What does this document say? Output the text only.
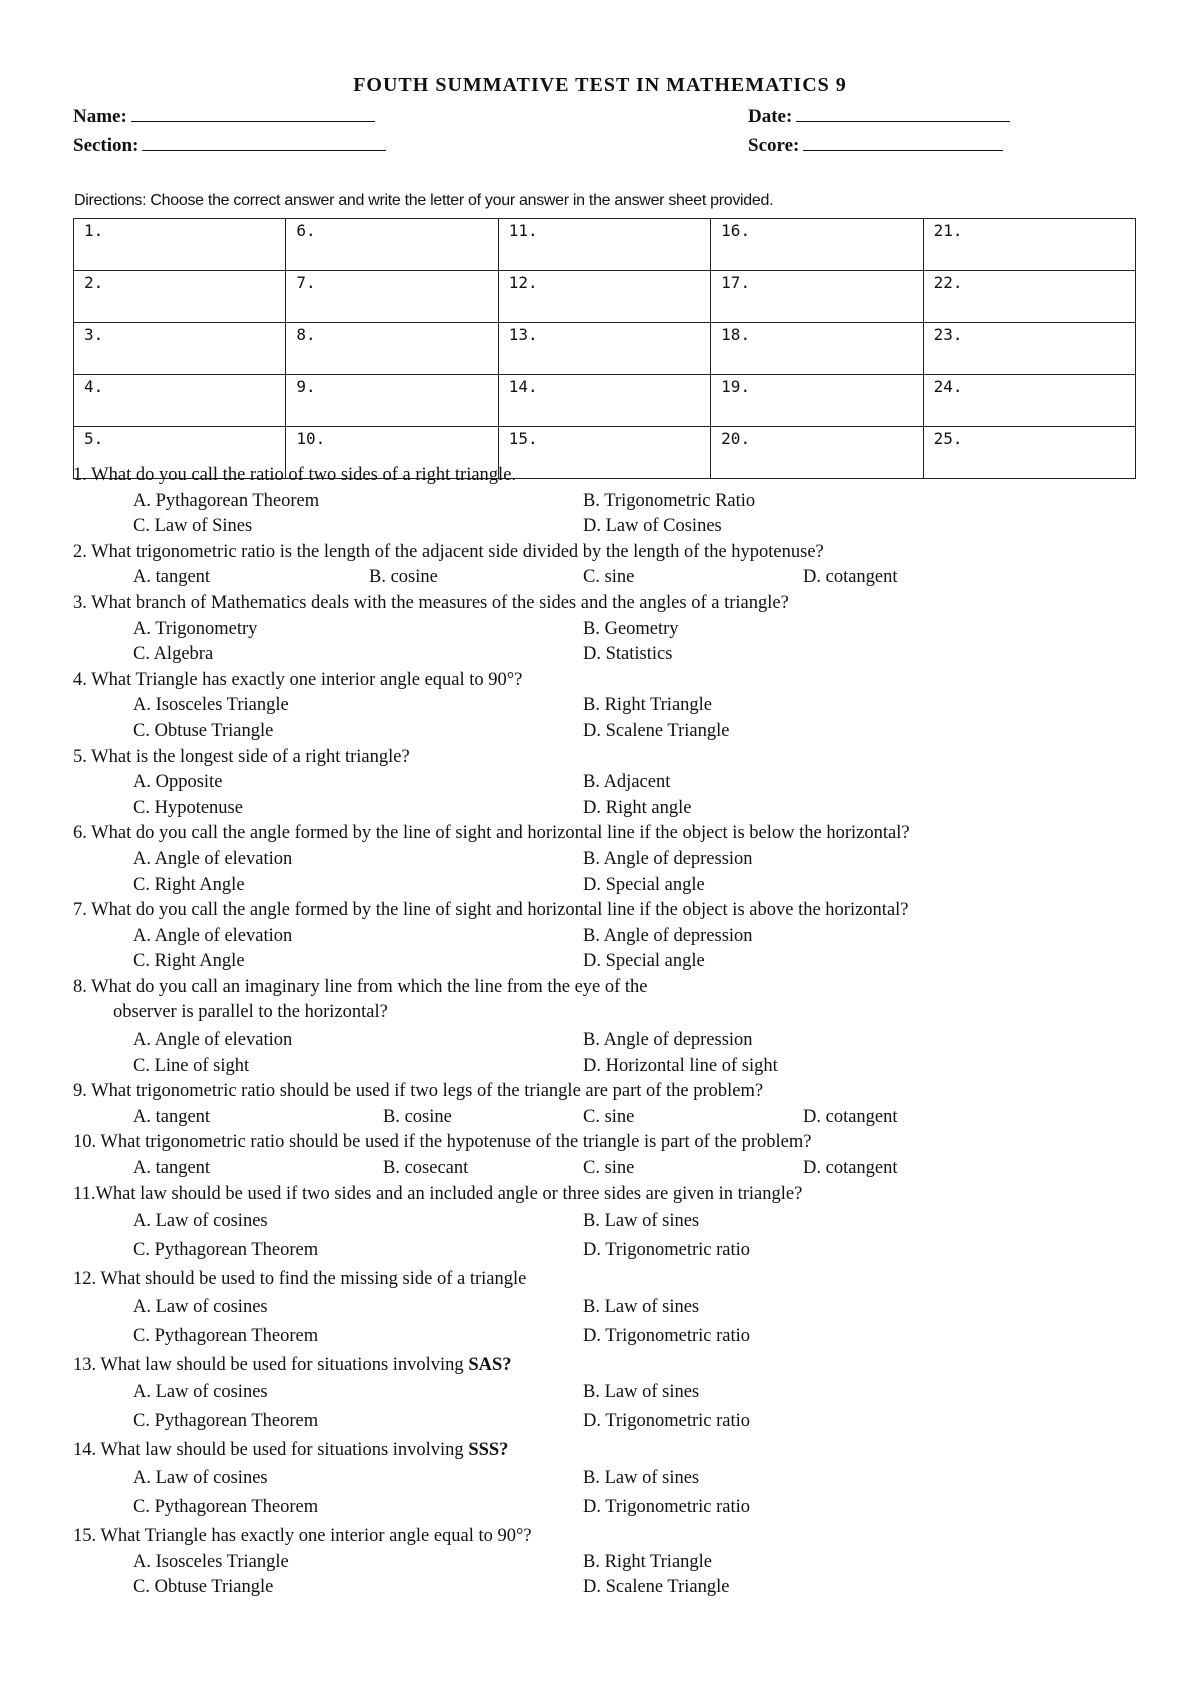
FOUTH SUMMATIVE TEST IN MATHEMATICS 9
Name:	Date:
Section:	Score:
Directions: Choose the correct answer and write the letter of your answer in the answer sheet provided.
1.	6.	11.	16.	21.
2.	7.	12.	17.	22.
3.	8.	13.	18.	23.
4.	9.	14.	19.	24.
5.	10.	15.	20.	25.
1. What do you call the ratio of two sides of a right triangle.
A. Pythagorean Theorem	B. Trigonometric Ratio
C. Law of Sines	D. Law of Cosines
2. What trigonometric ratio is the length of the adjacent side divided by the length of the hypotenuse?
A. tangent	B. cosine	C. sine	D. cotangent
3. What branch of Mathematics deals with the measures of the sides and the angles of a triangle?
A. Trigonometry	B. Geometry
C. Algebra	D. Statistics
4. What Triangle has exactly one interior angle equal to 90°?
A. Isosceles Triangle	B. Right Triangle
C. Obtuse Triangle	D. Scalene Triangle
5. What is the longest side of a right triangle?
A. Opposite	B. Adjacent
C. Hypotenuse	D. Right angle
6. What do you call the angle formed by the line of sight and horizontal line if the object is below the horizontal?
A. Angle of elevation	B. Angle of depression
C. Right Angle	D. Special angle
7. What do you call the angle formed by the line of sight and horizontal line if the object is above the horizontal?
A. Angle of elevation	B. Angle of depression
C. Right Angle	D. Special angle
8. What do you call an imaginary line from which the line from the eye of the
observer is parallel to the horizontal?
A. Angle of elevation	B. Angle of depression
C. Line of sight	D. Horizontal line of sight
9. What trigonometric ratio should be used if two legs of the triangle are part of the problem?
A. tangent	B. cosine	C. sine	D. cotangent
10. What trigonometric ratio should be used if the hypotenuse of the triangle is part of the problem?
A. tangent	B. cosecant	C. sine	D. cotangent
11.What law should be used if two sides and an included angle or three sides are given in triangle?
A. Law of cosines	B. Law of sines
C. Pythagorean Theorem	D. Trigonometric ratio
12. What should be used to find the missing side of a triangle
A. Law of cosines	B. Law of sines
C. Pythagorean Theorem	D. Trigonometric ratio
13. What law should be used for situations involving SAS?
A. Law of cosines	B. Law of sines
C. Pythagorean Theorem	D. Trigonometric ratio
14. What law should be used for situations involving SSS?
A. Law of cosines	B. Law of sines
C. Pythagorean Theorem	D. Trigonometric ratio
15. What Triangle has exactly one interior angle equal to 90°?
A. Isosceles Triangle	B. Right Triangle
C. Obtuse Triangle	D. Scalene Triangle
